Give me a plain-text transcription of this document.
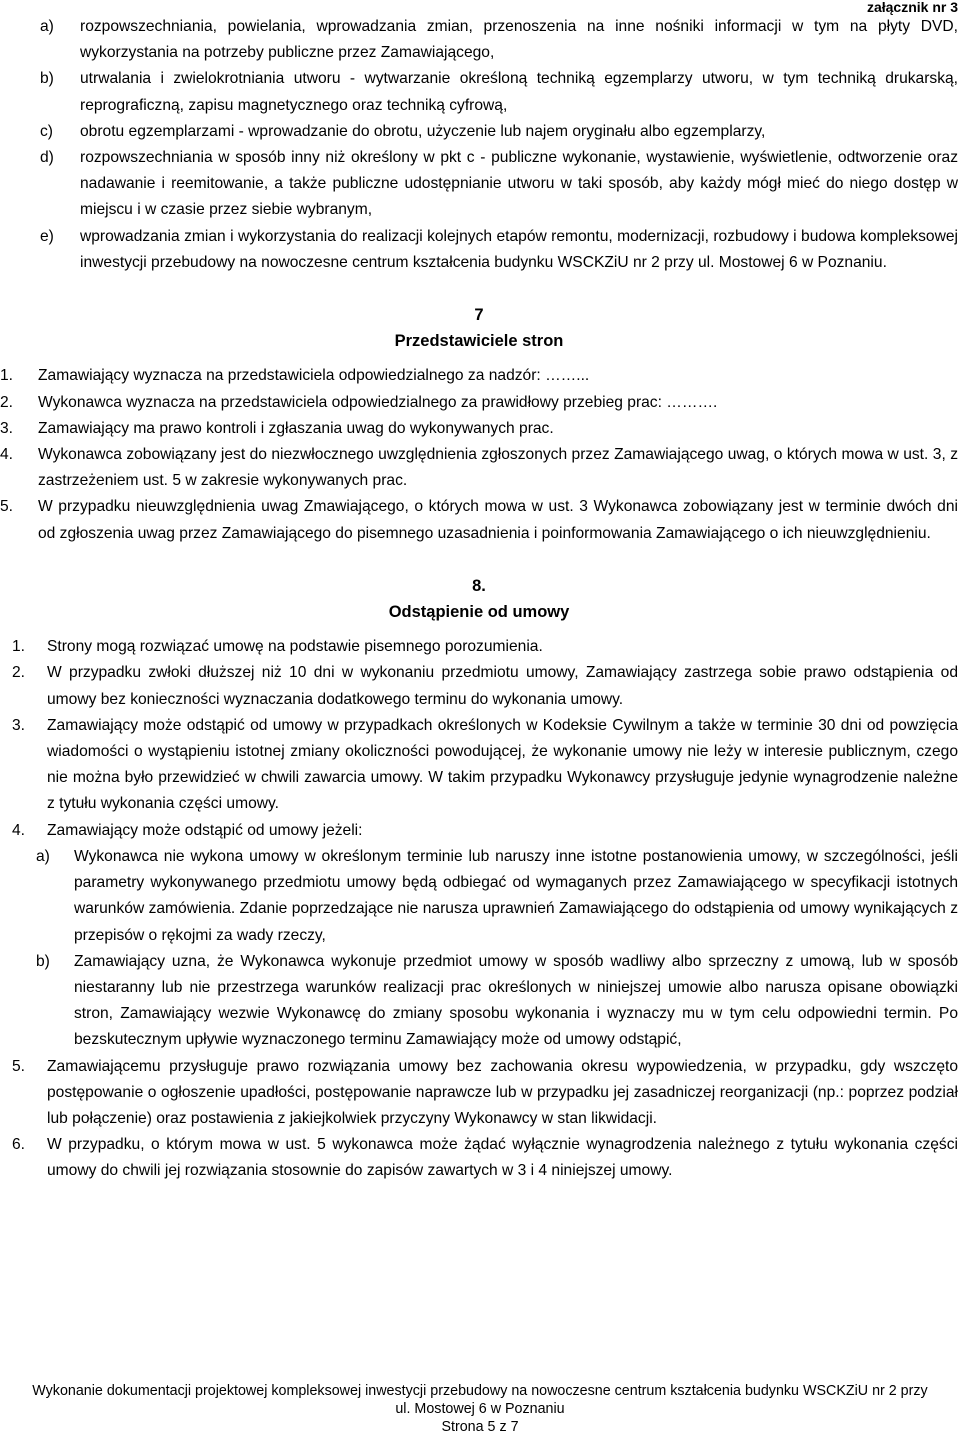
załącznik nr 3
a)	rozpowszechniania, powielania, wprowadzania zmian, przenoszenia na inne nośniki informacji w tym na płyty DVD, wykorzystania na potrzeby publiczne przez Zamawiającego,
b)	utrwalania i zwielokrotniania utworu - wytwarzanie określoną techniką egzemplarzy utworu, w tym techniką drukarską, reprograficzną, zapisu magnetycznego oraz techniką cyfrową,
c)	obrotu egzemplarzami - wprowadzanie do obrotu, użyczenie lub najem oryginału albo egzemplarzy,
d)	rozpowszechniania w sposób inny niż określony w pkt c - publiczne wykonanie, wystawienie, wyświetlenie, odtworzenie oraz nadawanie i reemitowanie, a także publiczne udostępnianie utworu w taki sposób, aby każdy mógł mieć do niego dostęp w miejscu i w czasie przez siebie wybranym,
e)	wprowadzania zmian i wykorzystania do realizacji kolejnych etapów remontu, modernizacji, rozbudowy i budowa kompleksowej inwestycji przebudowy na nowoczesne centrum kształcenia budynku WSCKZiU nr 2 przy ul. Mostowej 6 w Poznaniu.
7
Przedstawiciele stron
1.	Zamawiający wyznacza na przedstawiciela odpowiedzialnego za nadzór: ……...
2.	Wykonawca wyznacza na przedstawiciela odpowiedzialnego za prawidłowy przebieg prac: ……….
3.	Zamawiający ma prawo kontroli i zgłaszania uwag do wykonywanych prac.
4.	Wykonawca zobowiązany jest do niezwłocznego uwzględnienia zgłoszonych przez Zamawiającego uwag, o których mowa w ust. 3, z zastrzeżeniem ust. 5 w zakresie wykonywanych prac.
5.	W przypadku nieuwzględnienia uwag Zmawiającego, o których mowa w ust. 3 Wykonawca zobowiązany jest w terminie dwóch dni od zgłoszenia uwag przez Zamawiającego do pisemnego uzasadnienia i poinformowania Zamawiającego o ich nieuwzględnieniu.
8.
Odstąpienie od umowy
1.	Strony mogą rozwiązać umowę na podstawie pisemnego porozumienia.
2.	W przypadku zwłoki dłuższej niż 10 dni w wykonaniu przedmiotu umowy, Zamawiający zastrzega sobie prawo odstąpienia od umowy bez konieczności wyznaczania dodatkowego terminu do wykonania umowy.
3.	Zamawiający może odstąpić od umowy w przypadkach określonych w Kodeksie Cywilnym a także w terminie 30 dni od powzięcia wiadomości o wystąpieniu istotnej zmiany okoliczności powodującej, że wykonanie umowy nie leży w interesie publicznym, czego nie można było przewidzieć w chwili zawarcia umowy. W takim przypadku Wykonawcy przysługuje jedynie wynagrodzenie należne z tytułu wykonania części umowy.
4.	Zamawiający może odstąpić od umowy jeżeli:
a)	Wykonawca nie wykona umowy w określonym terminie lub naruszy inne istotne postanowienia umowy, w szczególności, jeśli parametry wykonywanego przedmiotu umowy będą odbiegać od wymaganych przez Zamawiającego w specyfikacji istotnych warunków zamówienia. Zdanie poprzedzające nie narusza uprawnień Zamawiającego do odstąpienia od umowy wynikających z przepisów o rękojmi za wady rzeczy,
b)	Zamawiający uzna, że Wykonawca wykonuje przedmiot umowy w sposób wadliwy albo sprzeczny z umową, lub w sposób niestaranny lub nie przestrzega warunków realizacji prac określonych w niniejszej umowie albo narusza opisane obowiązki stron, Zamawiający wezwie Wykonawcę do zmiany sposobu wykonania i wyznaczy mu w tym celu odpowiedni termin. Po bezskutecznym upływie wyznaczonego terminu Zamawiający może od umowy odstąpić,
5.	Zamawiającemu przysługuje prawo rozwiązania umowy bez zachowania okresu wypowiedzenia, w przypadku, gdy wszczęto postępowanie o ogłoszenie upadłości, postępowanie naprawcze lub w przypadku jej zasadniczej reorganizacji (np.: poprzez podział lub połączenie) oraz postawienia z jakiejkolwiek przyczyny Wykonawcy w stan likwidacji.
6.	W przypadku, o którym mowa w ust. 5 wykonawca może żądać wyłącznie wynagrodzenia należnego z tytułu wykonania części umowy do chwili jej rozwiązania stosownie do zapisów zawartych w 3 i 4 niniejszej umowy.
Wykonanie dokumentacji projektowej kompleksowej inwestycji przebudowy na nowoczesne centrum kształcenia budynku WSCKZiU nr 2 przy
ul. Mostowej 6 w Poznaniu
Strona 5 z 7
